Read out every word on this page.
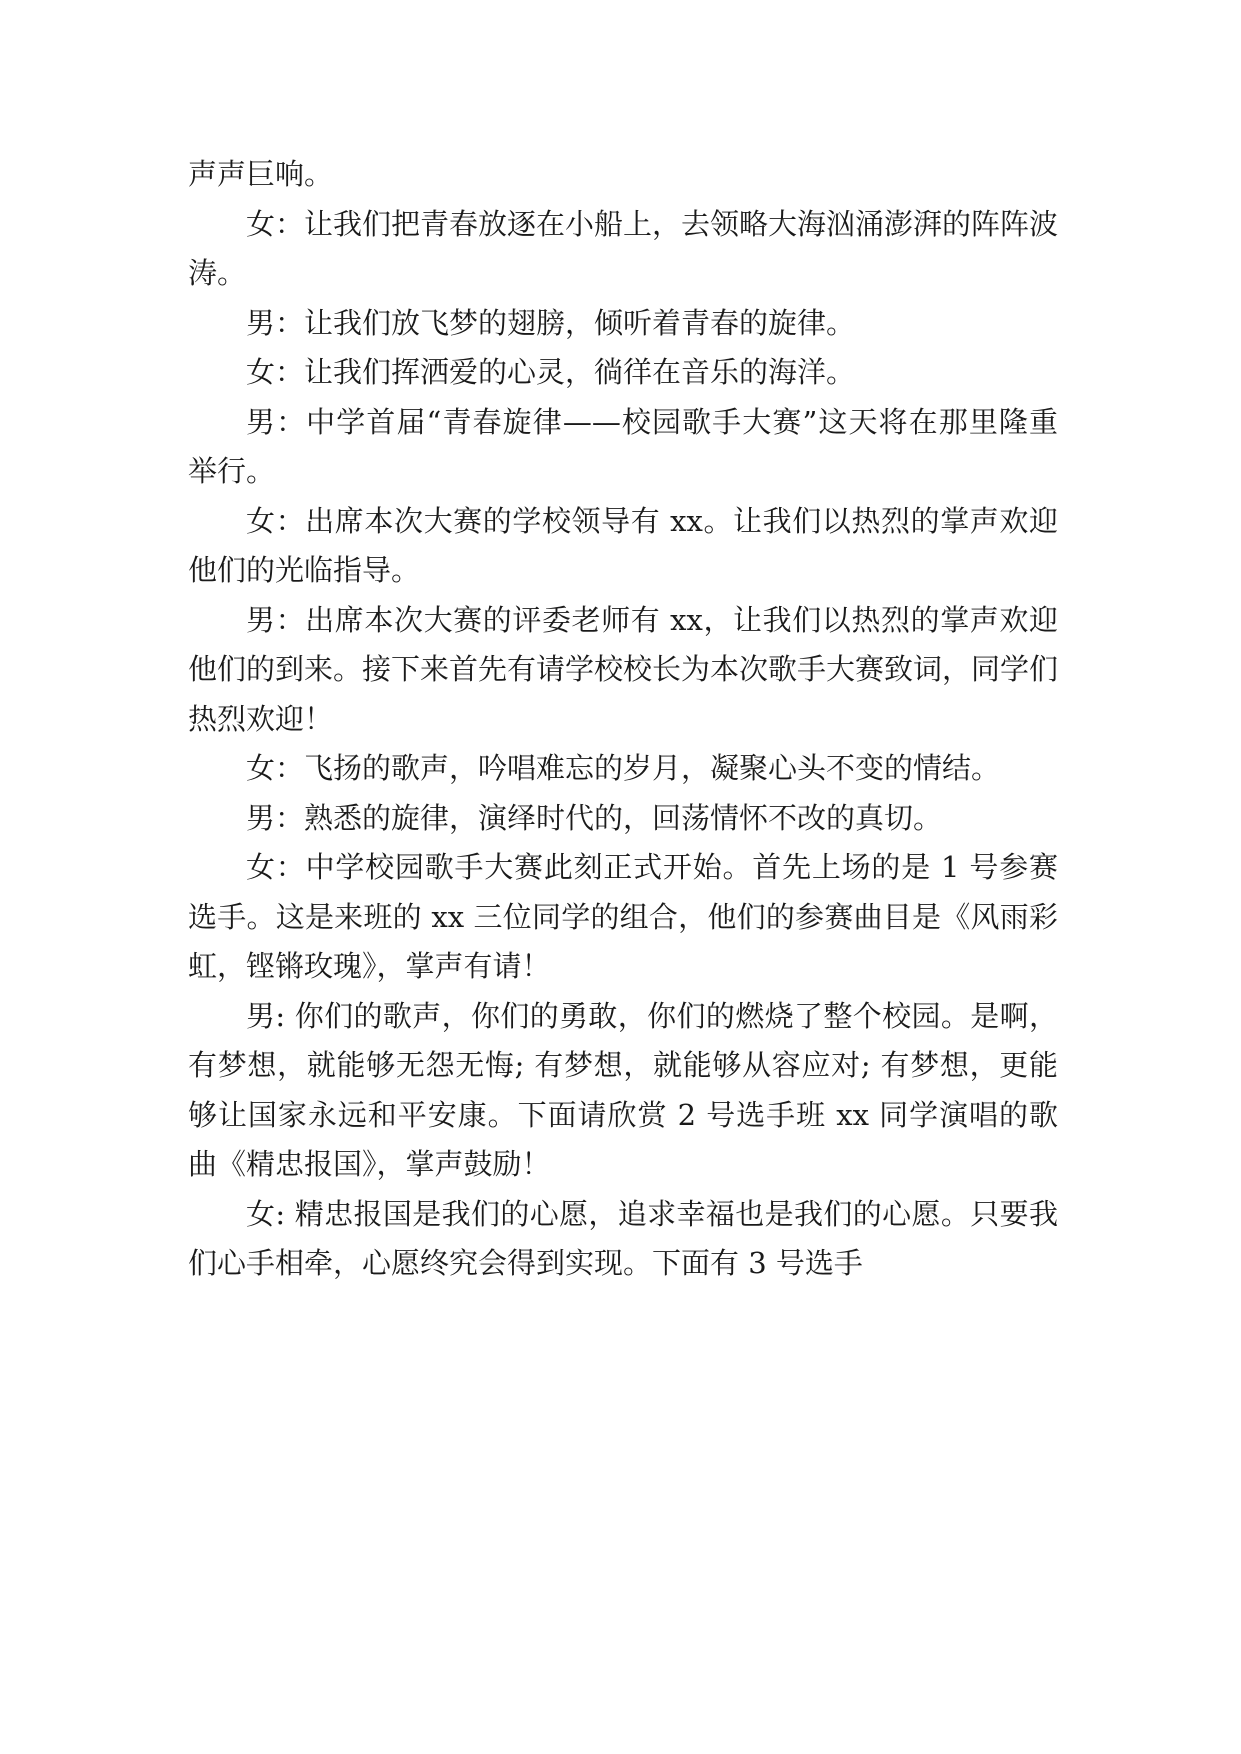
声声巨响。

女：让我们把青春放逐在小船上，去领略大海汹涌澎湃的阵阵波涛。

男：让我们放飞梦的翅膀，倾听着青春的旋律。

女：让我们挥洒爱的心灵，徜徉在音乐的海洋。

男：中学首届“青春旋律——校园歌手大赛”这天将在那里隆重举行。

女：出席本次大赛的学校领导有 xx。让我们以热烈的掌声欢迎他们的光临指导。

男：出席本次大赛的评委老师有 xx，让我们以热烈的掌声欢迎他们的到来。接下来首先有请学校校长为本次歌手大赛致词，同学们热烈欢迎！

女：飞扬的歌声，吟唱难忘的岁月，凝聚心头不变的情结。

男：熟悉的旋律，演绎时代的，回荡情怀不改的真切。

女：中学校园歌手大赛此刻正式开始。首先上场的是 1 号参赛选手。这是来班的 xx 三位同学的组合，他们的参赛曲目是《风雨彩虹，铿锵玫瑰》，掌声有请！

男: 你们的歌声，你们的勇敢，你们的燃烧了整个校园。是啊，有梦想，就能够无怨无悔; 有梦想，就能够从容应对; 有梦想，更能够让国家永远和平安康。下面请欣赏 2 号选手班 xx 同学演唱的歌曲《精忠报国》，掌声鼓励！

女: 精忠报国是我们的心愿，追求幸福也是我们的心愿。只要我们心手相牵，心愿终究会得到实现。下面有 3 号选手
